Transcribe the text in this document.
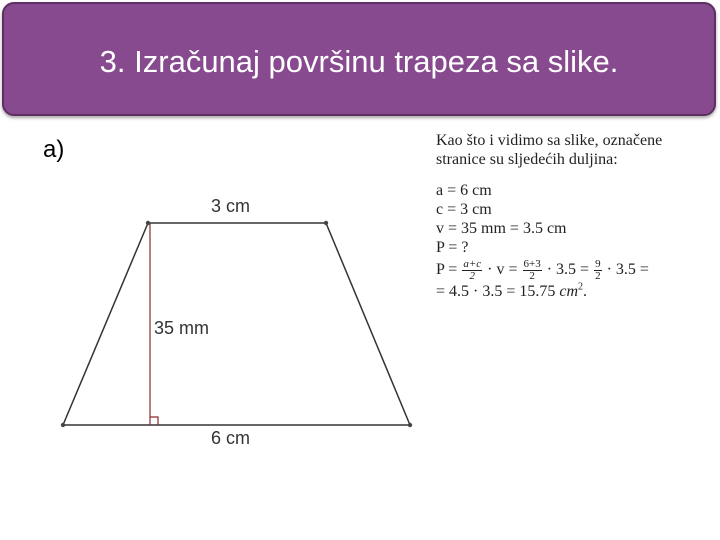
3. Izračunaj površinu trapeza sa slike.
a)
3 cm
35 mm
6 cm
Kao što i vidimo sa slike, označene
stranice su sljedećih duljina:
a = 6 cm
c = 3 cm
v = 35 mm = 3.5 cm
P = ?
$P = \frac{a+c}{2} \cdot v = \frac{6+3}{2} \cdot 3.5 = \frac{9}{2} \cdot 3.5$ =
= 4.5 · 3.5 = 15.75 $cm^2$.
